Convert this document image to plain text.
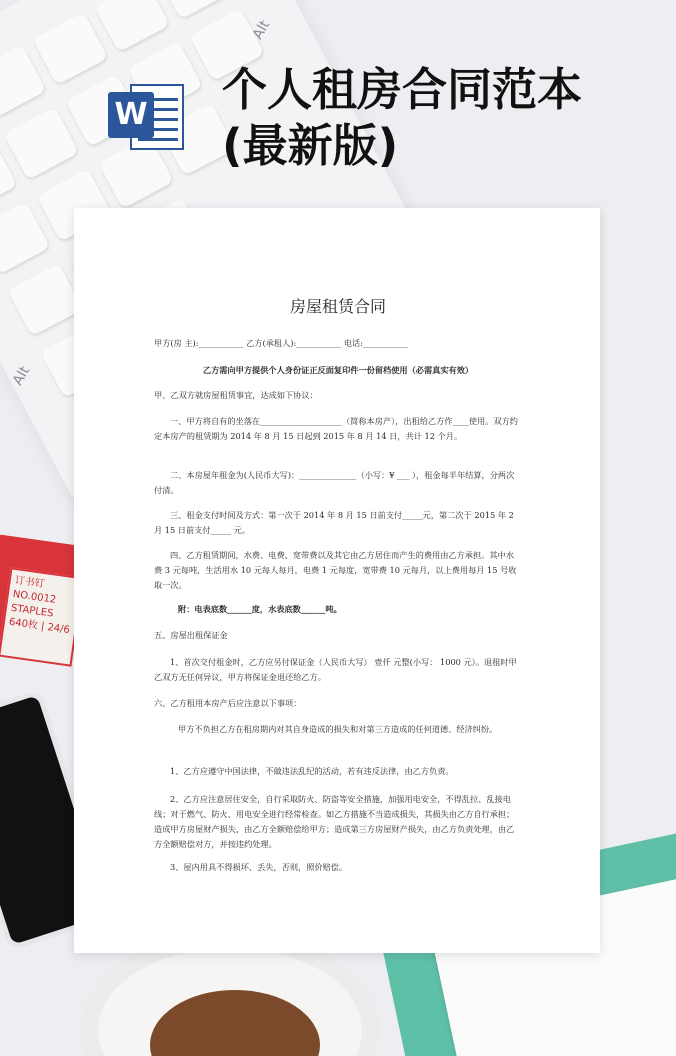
Alt
Alt
订书钉 NO.0012 STAPLES 640枚 | 24/6
W 个人租房合同范本(最新版)
房屋租赁合同
甲方(房 主):___________ 乙方(承租人):___________ 电话:___________
乙方需向甲方提供个人身份证正反面复印件一份留档使用（必需真实有效）
甲、乙双方就房屋租赁事宜，达成如下协议：
一、甲方将自有的坐落在____________________（简称本房产），出租给乙方作____使用。双方约定本房产的租赁期为 2014 年 8 月 15 日起到 2015 年 8 月 14 日，共计 12 个月。
二、本房屋年租金为(人民币大写)：______________（小写：¥ ___ ），租金每半年结算，分两次付清。
三、租金支付时间及方式：第一次于 2014 年 8 月 15 日前支付_____元，第二次于 2015 年 2 月 15 日前支付_____ 元。
四、乙方租赁期间，水费、电费、宽带费以及其它由乙方居住而产生的费用由乙方承担。其中水费 3 元每吨，生活用水 10 元每人每月，电费 1 元每度，宽带费 10 元每月，以上费用每月 15 号收取一次。
附：电表底数______度，水表底数______吨。
五、房屋出租保证金
1、首次交付租金时，乙方应另付保证金（人民币大写） 壹仟 元整(小写： 1000 元）。退租时甲乙双方无任何异议，甲方将保证金退还给乙方。
六、乙方租用本房产后应注意以下事项：
甲方不负担乙方在租房期内对其自身造成的损失和对第三方造成的任何道德、经济纠纷。
1、乙方应遵守中国法律，不做违法乱纪的活动，若有违反法律，由乙方负责。
2、乙方应注意居住安全，自行采取防火、防盗等安全措施，加强用电安全，不得乱拉、乱接电线；对于燃气、防火、用电安全进行经常检查。如乙方措施不当造成损失，其损失由乙方自行承担；造成甲方房屋财产损失，由乙方全额赔偿给甲方；造成第三方房屋财产损失，由乙方负责处理，由乙方全额赔偿对方，并按违约处理。
3、屋内用具不得损坏、丢失，否则，照价赔偿。
